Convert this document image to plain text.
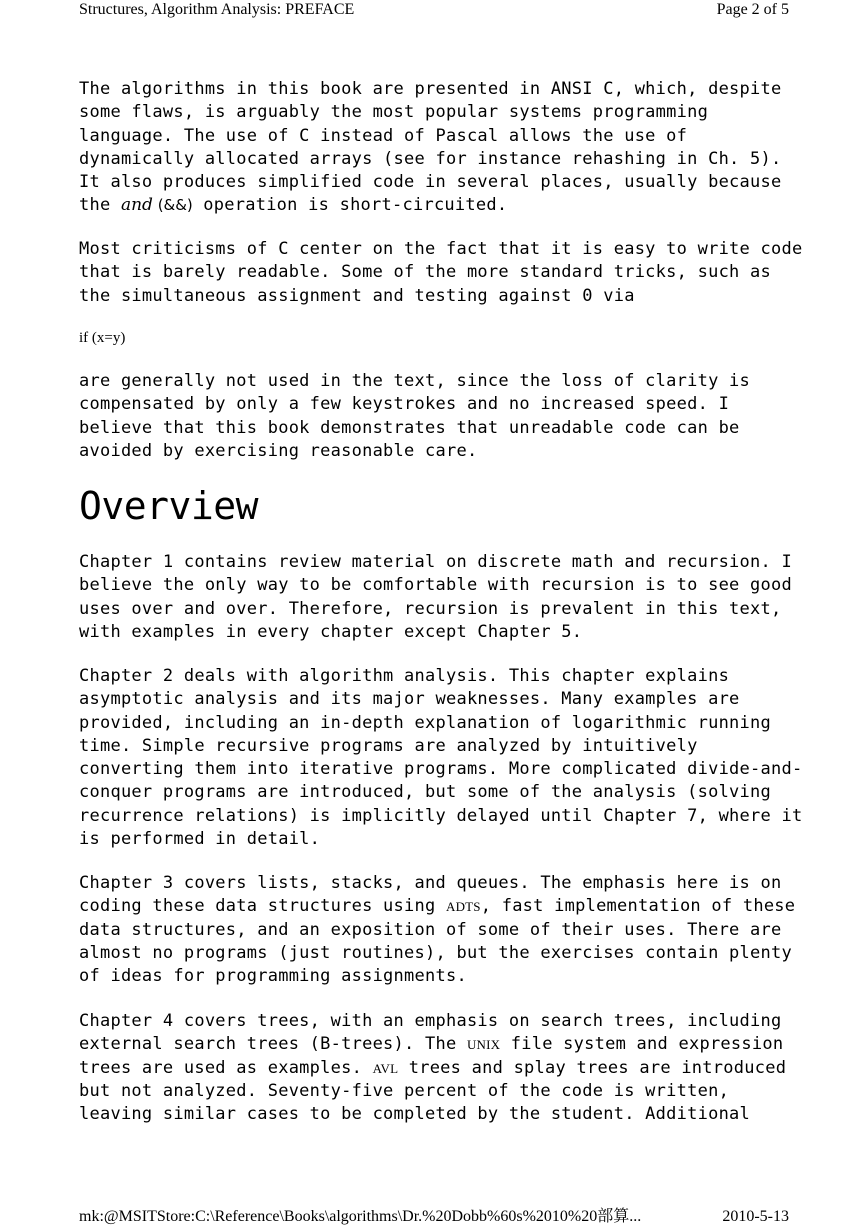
Structures, Algorithm Analysis: PREFACE	Page 2 of 5
The algorithms in this book are presented in ANSI C, which, despite
some flaws, is arguably the most popular systems programming
language. The use of C instead of Pascal allows the use of
dynamically allocated arrays (see for instance rehashing in Ch. 5).
It also produces simplified code in several places, usually because
the and (&&) operation is short-circuited.
Most criticisms of C center on the fact that it is easy to write code
that is barely readable. Some of the more standard tricks, such as
the simultaneous assignment and testing against 0 via
if (x=y)
are generally not used in the text, since the loss of clarity is
compensated by only a few keystrokes and no increased speed. I
believe that this book demonstrates that unreadable code can be
avoided by exercising reasonable care.
Overview
Chapter 1 contains review material on discrete math and recursion. I
believe the only way to be comfortable with recursion is to see good
uses over and over. Therefore, recursion is prevalent in this text,
with examples in every chapter except Chapter 5.
Chapter 2 deals with algorithm analysis. This chapter explains
asymptotic analysis and its major weaknesses. Many examples are
provided, including an in-depth explanation of logarithmic running
time. Simple recursive programs are analyzed by intuitively
converting them into iterative programs. More complicated divide-and-
conquer programs are introduced, but some of the analysis (solving
recurrence relations) is implicitly delayed until Chapter 7, where it
is performed in detail.
Chapter 3 covers lists, stacks, and queues. The emphasis here is on
coding these data structures using ADTS, fast implementation of these
data structures, and an exposition of some of their uses. There are
almost no programs (just routines), but the exercises contain plenty
of ideas for programming assignments.
Chapter 4 covers trees, with an emphasis on search trees, including
external search trees (B-trees). The UNIX file system and expression
trees are used as examples. AVL trees and splay trees are introduced
but not analyzed. Seventy-five percent of the code is written,
leaving similar cases to be completed by the student. Additional
mk:@MSITStore:C:\Reference\Books\algorithms\Dr.%20Dobb%60s%2010%20部算...	2010-5-13
